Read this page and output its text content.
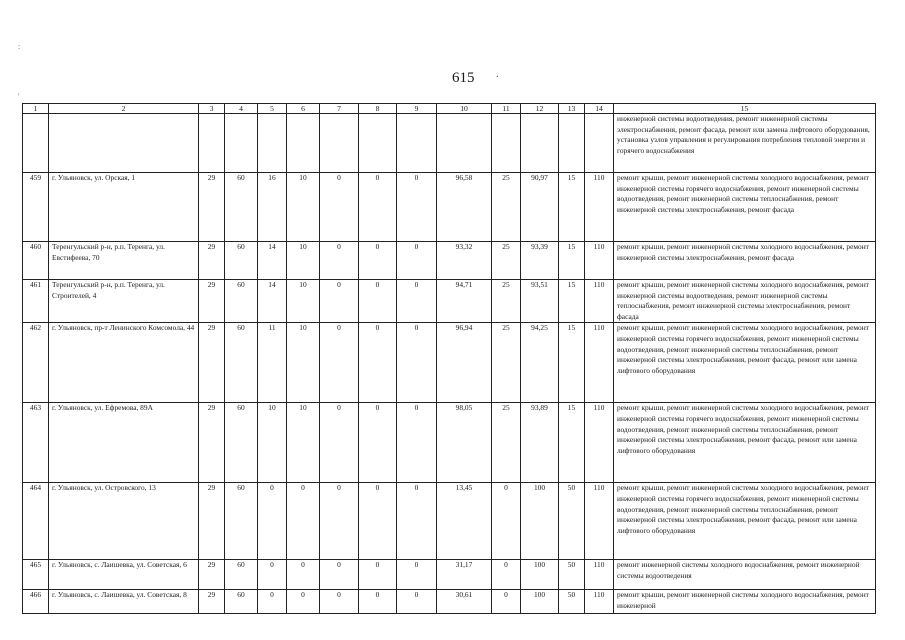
:
'
615 .
1	2	3	4	5	6	7	8	9	10	11	12	13	14	15
														инженерной системы водоотведения, ремонт инженерной системы электроснабжения, ремонт фасада, ремонт или замена лифтового оборудования, установка узлов управления и регулирования потребления тепловой энергии и горячего водоснабжения
459	г. Ульяновск, ул. Орская, 1	29	60	16	10	0	0	0	96,58	25	90,97	15	110	ремонт крыши, ремонт инженерной системы холодного водоснабжения, ремонт инженерной системы горячего водоснабжения, ремонт инженерной системы водоотведения, ремонт инженерной системы теплоснабжения, ремонт инженерной системы электроснабжения, ремонт фасада
460	Теренгульский р-н, р.п. Теренга, ул. Евстифеева, 70	29	60	14	10	0	0	0	93,32	25	93,39	15	110	ремонт крыши, ремонт инженерной системы холодного водоснабжения, ремонт инженерной системы электроснабжения, ремонт фасада
461	Теренгульский р-н, р.п. Теренга, ул. Строителей, 4	29	60	14	10	0	0	0	94,71	25	93,51	15	110	ремонт крыши, ремонт инженерной системы холодного водоснабжения, ремонт инженерной системы водоотведения, ремонт инженерной системы теплоснабжения, ремонт инженерной системы электроснабжения, ремонт фасада
462	г. Ульяновск, пр-т Ленинского Комсомола, 44	29	60	11	10	0	0	0	96,94	25	94,25	15	110	ремонт крыши, ремонт инженерной системы холодного водоснабжения, ремонт инженерной системы горячего водоснабжения, ремонт инженерной системы водоотведения, ремонт инженерной системы теплоснабжения, ремонт инженерной системы электроснабжения, ремонт фасада, ремонт или замена лифтового оборудования
463	г. Ульяновск, ул. Ефремова, 89А	29	60	10	10	0	0	0	98,05	25	93,89	15	110	ремонт крыши, ремонт инженерной системы холодного водоснабжения, ремонт инженерной системы горячего водоснабжения, ремонт инженерной системы водоотведения, ремонт инженерной системы теплоснабжения, ремонт инженерной системы электроснабжения, ремонт фасада, ремонт или замена лифтового оборудования
464	г. Ульяновск, ул. Островского, 13	29	60	0	0	0	0	0	13,45	0	100	50	110	ремонт крыши, ремонт инженерной системы холодного водоснабжения, ремонт инженерной системы горячего водоснабжения, ремонт инженерной системы водоотведения, ремонт инженерной системы теплоснабжения, ремонт инженерной системы электроснабжения, ремонт фасада, ремонт или замена лифтового оборудования
465	г. Ульяновск, с. Лаишевка, ул. Советская, 6	29	60	0	0	0	0	0	31,17	0	100	50	110	ремонт инженерной системы холодного водоснабжения, ремонт инженерной системы водоотведения
466	г. Ульяновск, с. Лаишевка, ул. Советская, 8	29	60	0	0	0	0	0	30,61	0	100	50	110	ремонт крыши, ремонт инженерной системы холодного водоснабжения, ремонт инженерной
